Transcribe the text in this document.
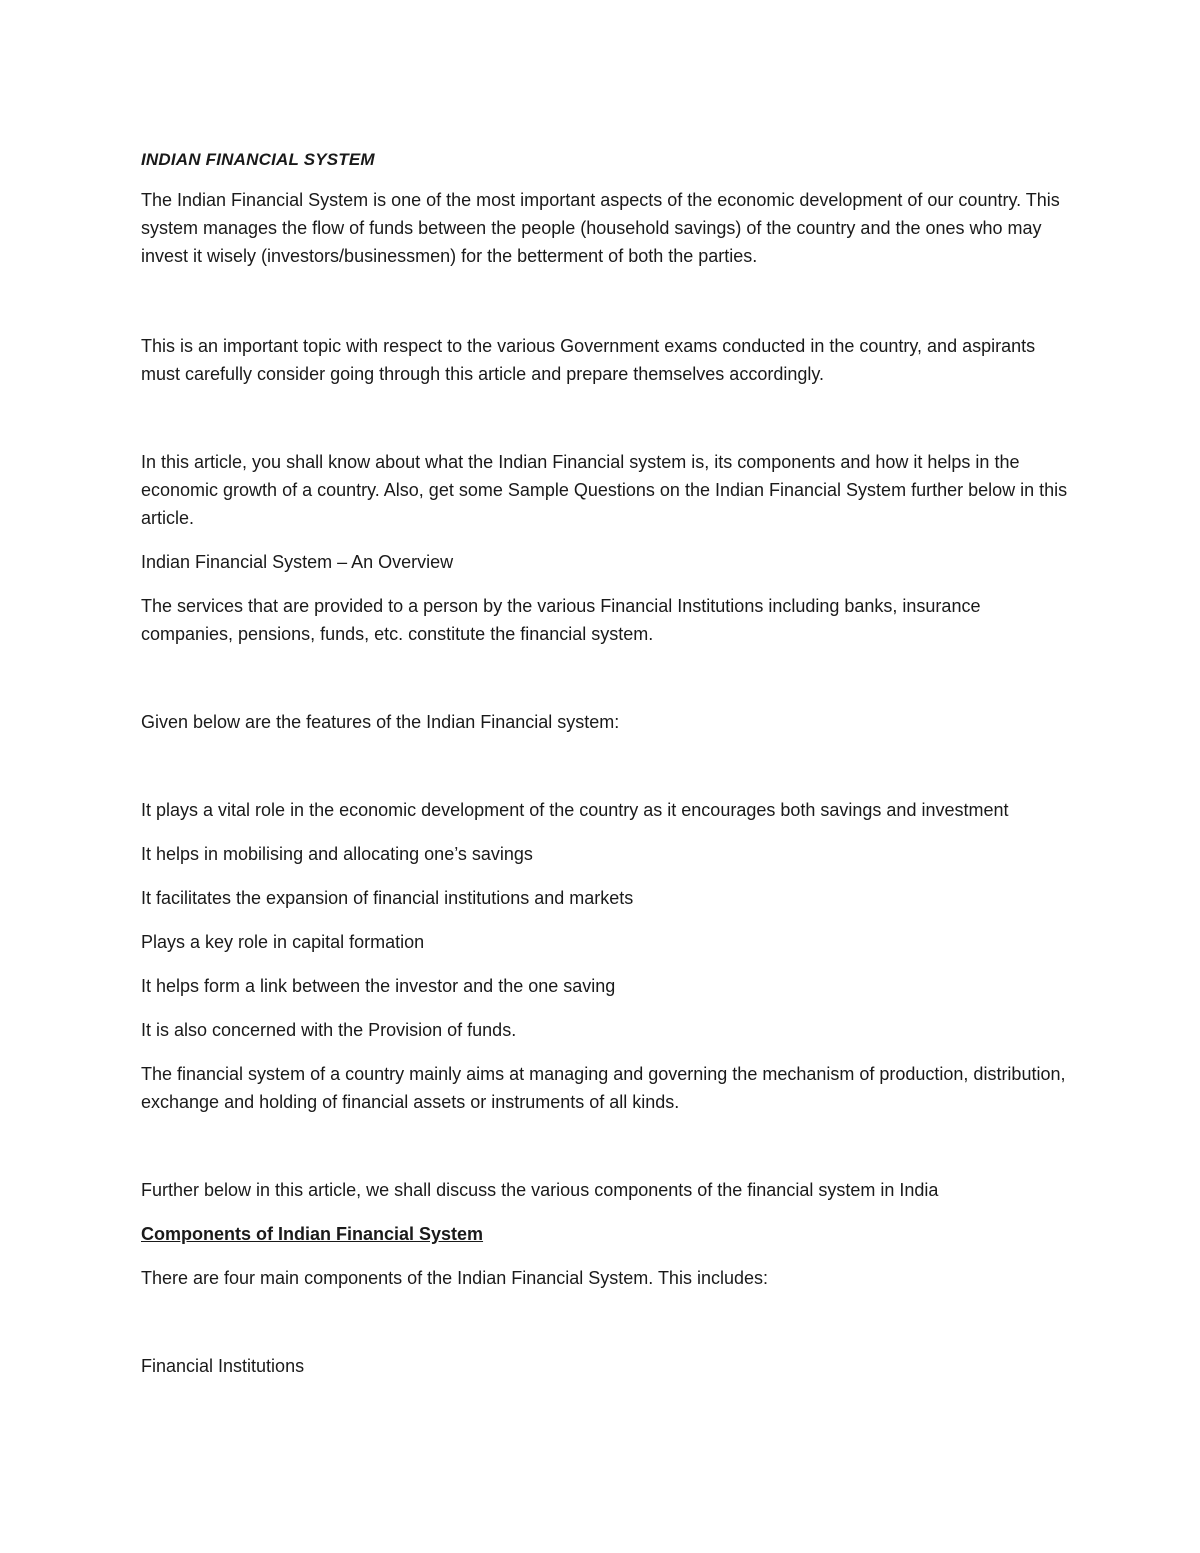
INDIAN FINANCIAL SYSTEM

The Indian Financial System is one of the most important aspects of the economic development of our country. This system manages the flow of funds between the people (household savings) of the country and the ones who may invest it wisely (investors/businessmen) for the betterment of both the parties.

This is an important topic with respect to the various Government exams conducted in the country, and aspirants must carefully consider going through this article and prepare themselves accordingly.

In this article, you shall know about what the Indian Financial system is, its components and how it helps in the economic growth of a country. Also, get some Sample Questions on the Indian Financial System further below in this article.

Indian Financial System – An Overview

The services that are provided to a person by the various Financial Institutions including banks, insurance companies, pensions, funds, etc. constitute the financial system.

Given below are the features of the Indian Financial system:

It plays a vital role in the economic development of the country as it encourages both savings and investment

It helps in mobilising and allocating one’s savings

It facilitates the expansion of financial institutions and markets

Plays a key role in capital formation

It helps form a link between the investor and the one saving

It is also concerned with the Provision of funds.

The financial system of a country mainly aims at managing and governing the mechanism of production, distribution, exchange and holding of financial assets or instruments of all kinds.

Further below in this article, we shall discuss the various components of the financial system in India

Components of Indian Financial System

There are four main components of the Indian Financial System. This includes:

Financial Institutions
